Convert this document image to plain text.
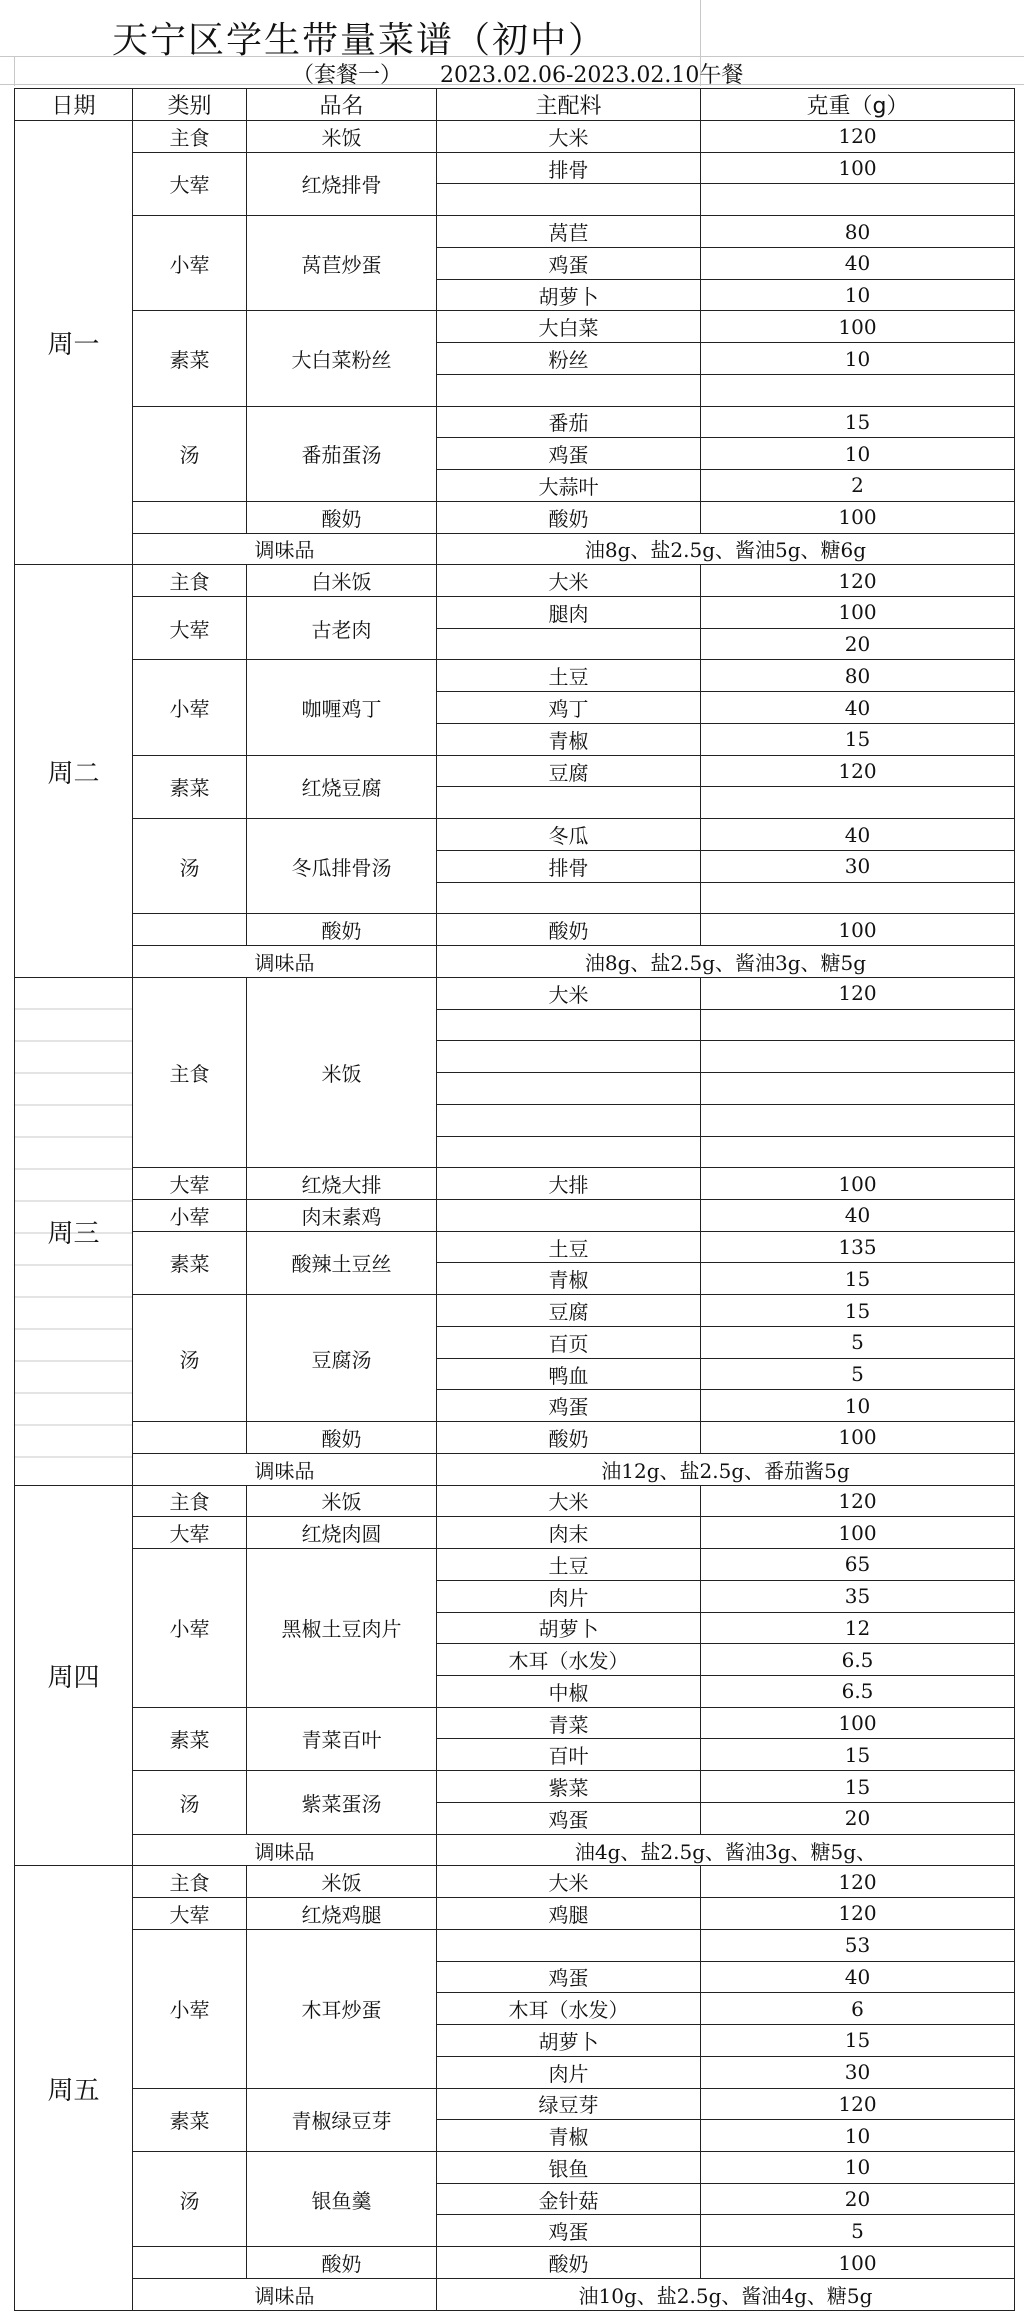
天宁区学生带量菜谱（初中）
（套餐一） 2023.02.06-2023.02.10午餐
日期	类别	品名	主配料	克重（g）
周一	主食	米饭	大米	120
	大荤	红烧排骨	排骨	100

	小荤	莴苣炒蛋	莴苣	80
			鸡蛋	40
			胡萝卜	10
	素菜	大白菜粉丝	大白菜	100
			粉丝	10

	汤	番茄蛋汤	番茄	15
			鸡蛋	10
			大蒜叶	2
		酸奶	酸奶	100
	调味品		油8g、盐2.5g、酱油5g、糖6g	
周二	主食	白米饭	大米	120
	大荤	古老肉	腿肉	100
				20
	小荤	咖喱鸡丁	土豆	80
			鸡丁	40
			青椒	15
	素菜	红烧豆腐	豆腐	120

	汤	冬瓜排骨汤	冬瓜	40
			排骨	30

		酸奶	酸奶	100
	调味品		油8g、盐2.5g、酱油3g、糖5g	
周三	主食	米饭	大米	120

	大荤	红烧大排	大排	100
	小荤	肉末素鸡		40
	素菜	酸辣土豆丝	土豆	135
			青椒	15
	汤	豆腐汤	豆腐	15
			百页	5
			鸭血	5
			鸡蛋	10
		酸奶	酸奶	100
	调味品		油12g、盐2.5g、番茄酱5g	
周四	主食	米饭	大米	120
	大荤	红烧肉圆	肉末	100
	小荤	黑椒土豆肉片	土豆	65
			肉片	35
			胡萝卜	12
			木耳（水发）	6.5
			中椒	6.5
	素菜	青菜百叶	青菜	100
			百叶	15
	汤	紫菜蛋汤	紫菜	15
			鸡蛋	20
	调味品		油4g、盐2.5g、酱油3g、糖5g、	
周五	主食	米饭	大米	120
	大荤	红烧鸡腿	鸡腿	120
	小荤	木耳炒蛋		53
			鸡蛋	40
			木耳（水发）	6
			胡萝卜	15
			肉片	30
	素菜	青椒绿豆芽	绿豆芽	120
			青椒	10
	汤	银鱼羹	银鱼	10
			金针菇	20
			鸡蛋	5
		酸奶	酸奶	100
	调味品		油10g、盐2.5g、酱油4g、糖5g	
